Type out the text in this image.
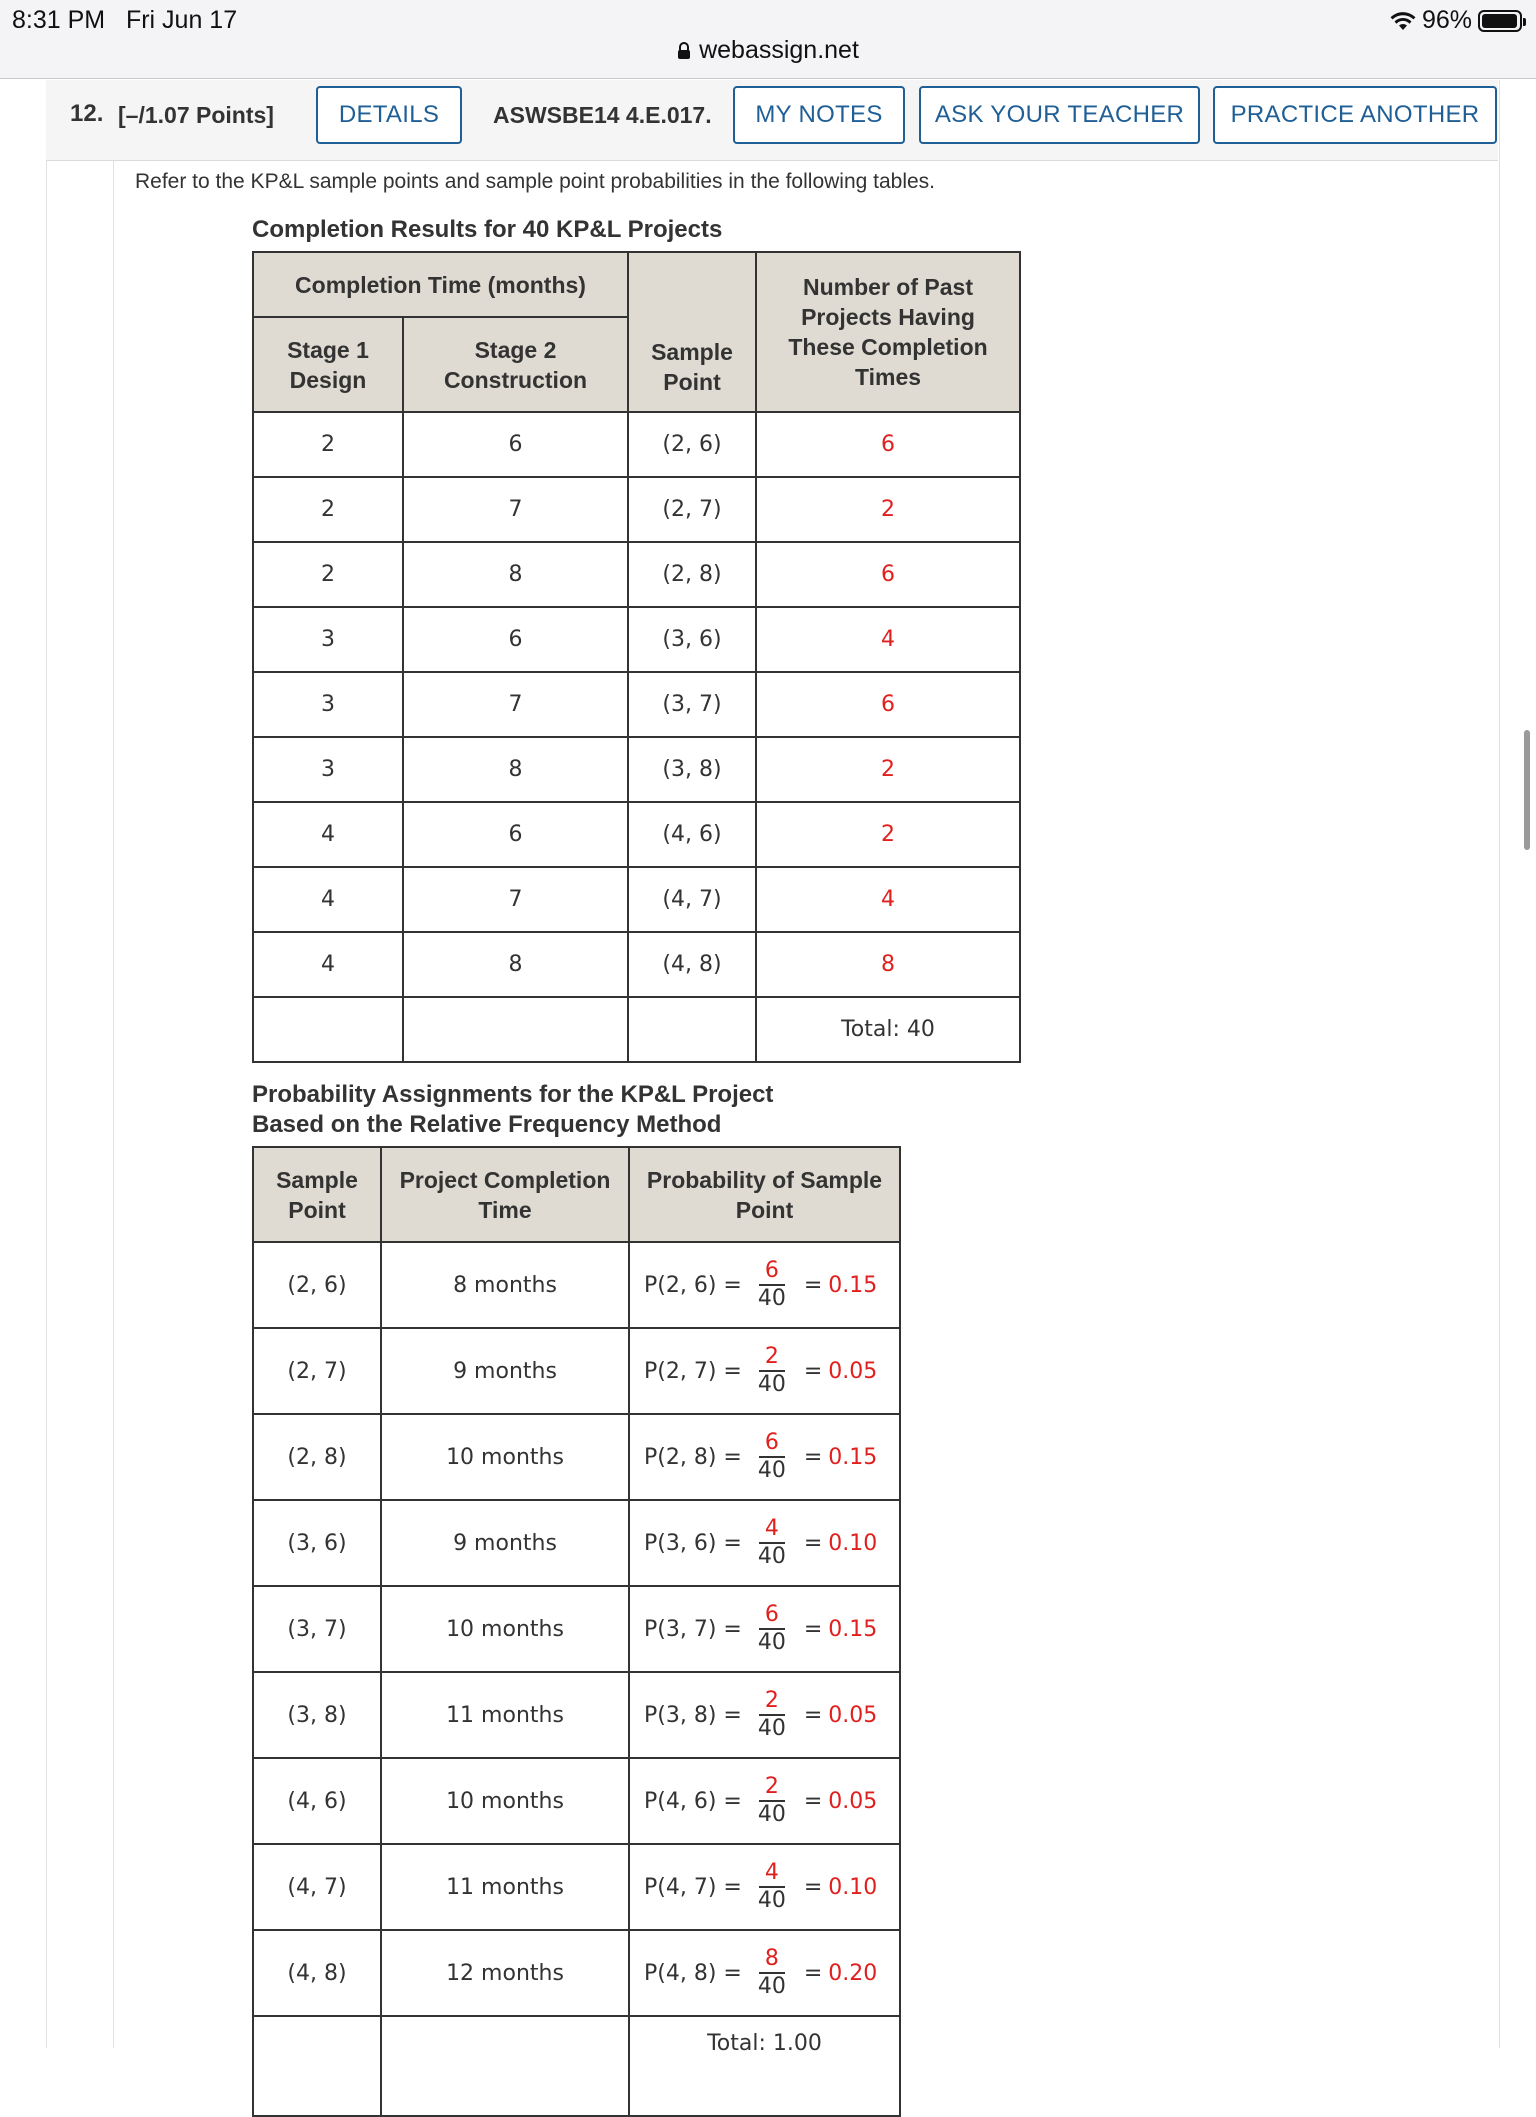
8:31 PM Fri Jun 17	96%
webassign.net
12. [–/1.07 Points]	DETAILS	ASWSBE14 4.E.017.	MY NOTES	ASK YOUR TEACHER	PRACTICE ANOTHER
Refer to the KP&L sample points and sample point probabilities in the following tables.
Completion Results for 40 KP&L Projects
Completion Time (months)		Sample Point	Number of Past Projects Having These Completion Times
Stage 1 Design	Stage 2 Construction		
2	6	(2, 6)	6
2	7	(2, 7)	2
2	8	(2, 8)	6
3	6	(3, 6)	4
3	7	(3, 7)	6
3	8	(3, 8)	2
4	6	(4, 6)	2
4	7	(4, 7)	4
4	8	(4, 8)	8
			Total: 40
Probability Assignments for the KP&L Project
Based on the Relative Frequency Method
Sample Point	Project Completion Time	Probability of Sample Point
(2, 6)	8 months	P(2, $6) = \frac{6}{40} = 0.15$

(2, 7)	9 months	P(2, $7) = \frac{2}{40} = 0.05$

(2, 8)	10 months	P(2, $8) = \frac{6}{40} = 0.15$

(3, 6)	9 months	P(3, $6) = \frac{4}{40} = 0.10$

(3, 7)	10 months	P(3, $7) = \frac{6}{40} = 0.15$

(3, 8)	11 months	P(3, $8) = \frac{2}{40} = 0.05$

(4, 6)	10 months	P(4, $6) = \frac{2}{40} = 0.05$

(4, 7)	11 months	P(4, $7) = \frac{4}{40} = 0.10$

(4, 8)	12 months	P(4, $8) = \frac{8}{40} = 0.20$

		Total: 1.00
